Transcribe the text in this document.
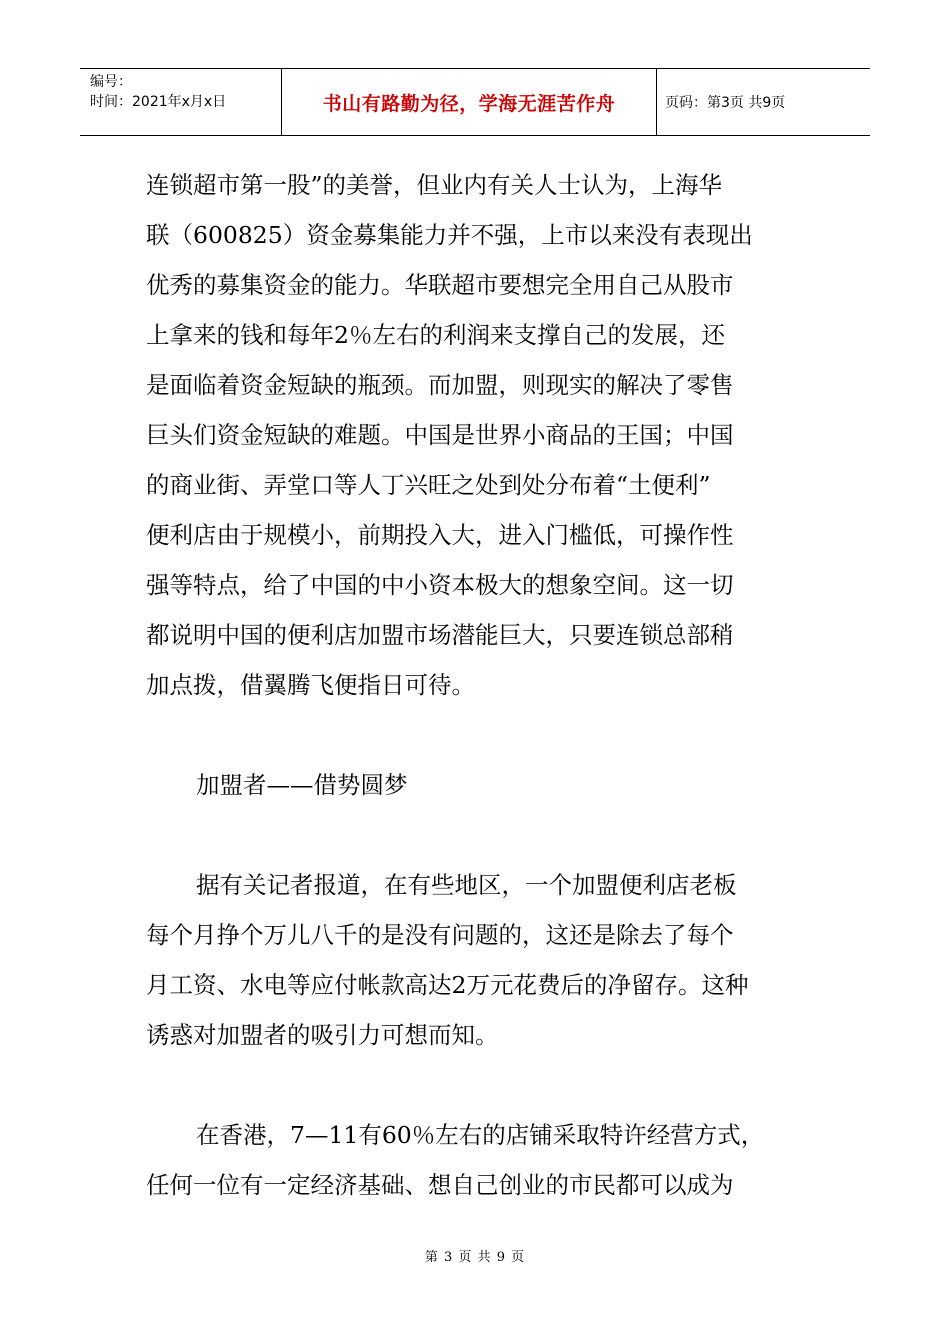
编号：
时间：2021年x月x日	书山有路勤为径，学海无涯苦作舟	页码：第3页 共9页
连锁超市第一股”的美誉，但业内有关人士认为，上海华
联（600825）资金募集能力并不强，上市以来没有表现出
优秀的募集资金的能力。华联超市要想完全用自己从股市
上拿来的钱和每年2％左右的利润来支撑自己的发展，还
是面临着资金短缺的瓶颈。而加盟，则现实的解决了零售
巨头们资金短缺的难题。中国是世界小商品的王国；中国
的商业街、弄堂口等人丁兴旺之处到处分布着“土便利”
便利店由于规模小，前期投入大，进入门槛低，可操作性
强等特点，给了中国的中小资本极大的想象空间。这一切
都说明中国的便利店加盟市场潜能巨大，只要连锁总部稍
加点拨，借翼腾飞便指日可待。
加盟者——借势圆梦
据有关记者报道，在有些地区，一个加盟便利店老板
每个月挣个万儿八千的是没有问题的，这还是除去了每个
月工资、水电等应付帐款高达2万元花费后的净留存。这种
诱惑对加盟者的吸引力可想而知。
在香港，7—11有60％左右的店铺采取特许经营方式，
任何一位有一定经济基础、想自己创业的市民都可以成为
第 3 页 共 9 页
